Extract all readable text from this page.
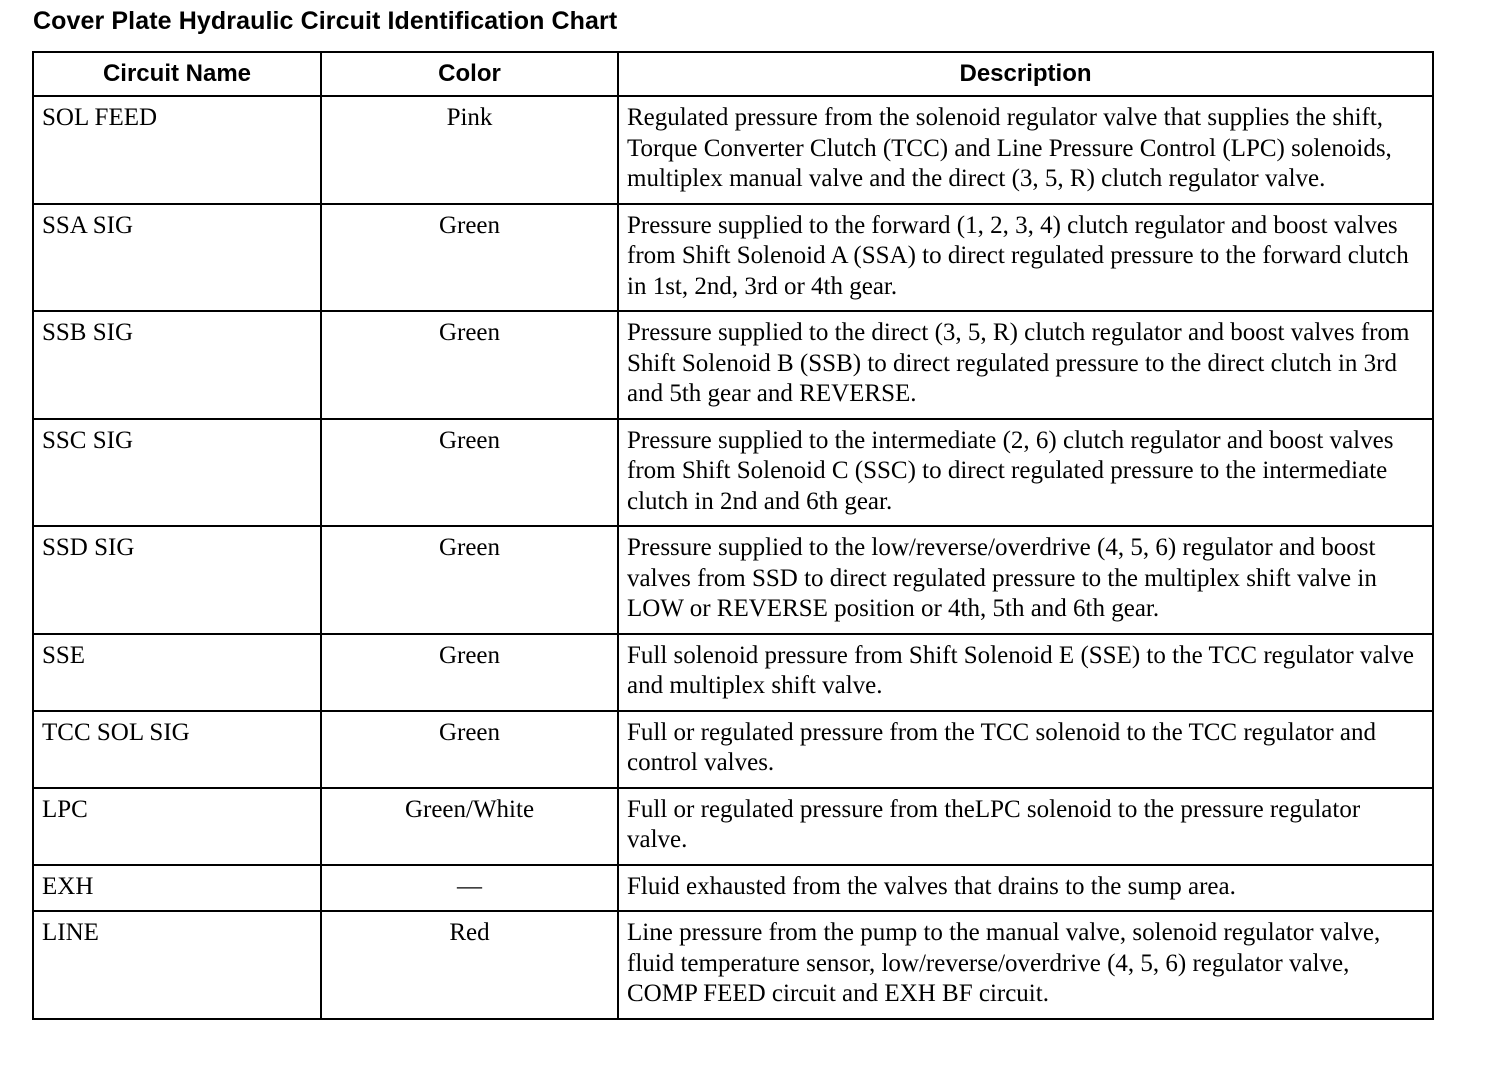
Cover Plate Hydraulic Circuit Identification Chart
Circuit Name	Color	Description
SOL FEED	Pink	Regulated pressure from the solenoid regulator valve that supplies the shift, Torque Converter Clutch (TCC) and Line Pressure Control (LPC) solenoids, multiplex manual valve and the direct (3, 5, R) clutch regulator valve.
SSA SIG	Green	Pressure supplied to the forward (1, 2, 3, 4) clutch regulator and boost valves from Shift Solenoid A (SSA) to direct regulated pressure to the forward clutch in 1st, 2nd, 3rd or 4th gear.
SSB SIG	Green	Pressure supplied to the direct (3, 5, R) clutch regulator and boost valves from Shift Solenoid B (SSB) to direct regulated pressure to the direct clutch in 3rd and 5th gear and REVERSE.
SSC SIG	Green	Pressure supplied to the intermediate (2, 6) clutch regulator and boost valves from Shift Solenoid C (SSC) to direct regulated pressure to the intermediate clutch in 2nd and 6th gear.
SSD SIG	Green	Pressure supplied to the low/reverse/overdrive (4, 5, 6) regulator and boost valves from SSD to direct regulated pressure to the multiplex shift valve in LOW or REVERSE position or 4th, 5th and 6th gear.
SSE	Green	Full solenoid pressure from Shift Solenoid E (SSE) to the TCC regulator valve and multiplex shift valve.
TCC SOL SIG	Green	Full or regulated pressure from the TCC solenoid to the TCC regulator and control valves.
LPC	Green/White	Full or regulated pressure from theLPC solenoid to the pressure regulator valve.
EXH	—	Fluid exhausted from the valves that drains to the sump area.
LINE	Red	Line pressure from the pump to the manual valve, solenoid regulator valve, fluid temperature sensor, low/reverse/overdrive (4, 5, 6) regulator valve, COMP FEED circuit and EXH BF circuit.
